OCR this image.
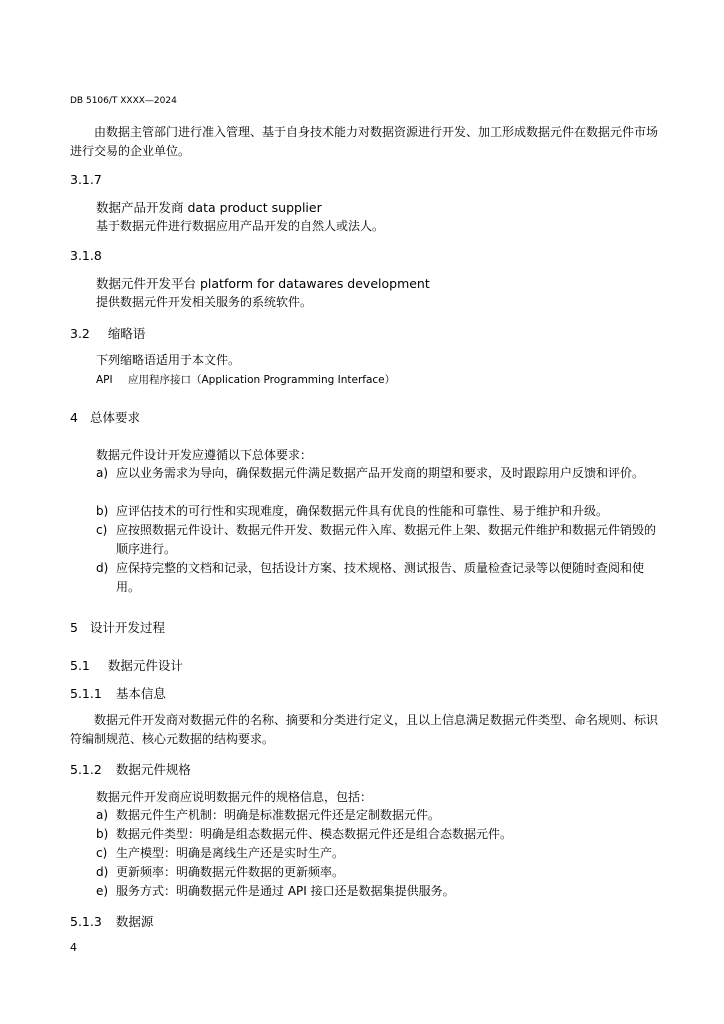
DB 5106/T XXXX—2024
由数据主管部门进行准入管理、基于自身技术能力对数据资源进行开发、加工形成数据元件在数据元件市场进行交易的企业单位。
3.1.7
数据产品开发商 data product supplier
基于数据元件进行数据应用产品开发的自然人或法人。
3.1.8
数据元件开发平台 platform for datawares development
提供数据元件开发相关服务的系统软件。
3.2 缩略语
下列缩略语适用于本文件。
API 应用程序接口（Application Programming Interface）
4 总体要求
数据元件设计开发应遵循以下总体要求：
a) 应以业务需求为导向，确保数据元件满足数据产品开发商的期望和要求，及时跟踪用户反馈和评价。
b) 应评估技术的可行性和实现难度，确保数据元件具有优良的性能和可靠性、易于维护和升级。
c) 应按照数据元件设计、数据元件开发、数据元件入库、数据元件上架、数据元件维护和数据元件销毁的顺序进行。
d) 应保持完整的文档和记录，包括设计方案、技术规格、测试报告、质量检查记录等以便随时查阅和使用。
5 设计开发过程
5.1 数据元件设计
5.1.1 基本信息
数据元件开发商对数据元件的名称、摘要和分类进行定义，且以上信息满足数据元件类型、命名规则、标识符编制规范、核心元数据的结构要求。
5.1.2 数据元件规格
数据元件开发商应说明数据元件的规格信息，包括：
a) 数据元件生产机制：明确是标准数据元件还是定制数据元件。
b) 数据元件类型：明确是组态数据元件、模态数据元件还是组合态数据元件。
c) 生产模型：明确是离线生产还是实时生产。
d) 更新频率：明确数据元件数据的更新频率。
e) 服务方式：明确数据元件是通过 API 接口还是数据集提供服务。
5.1.3 数据源
4
